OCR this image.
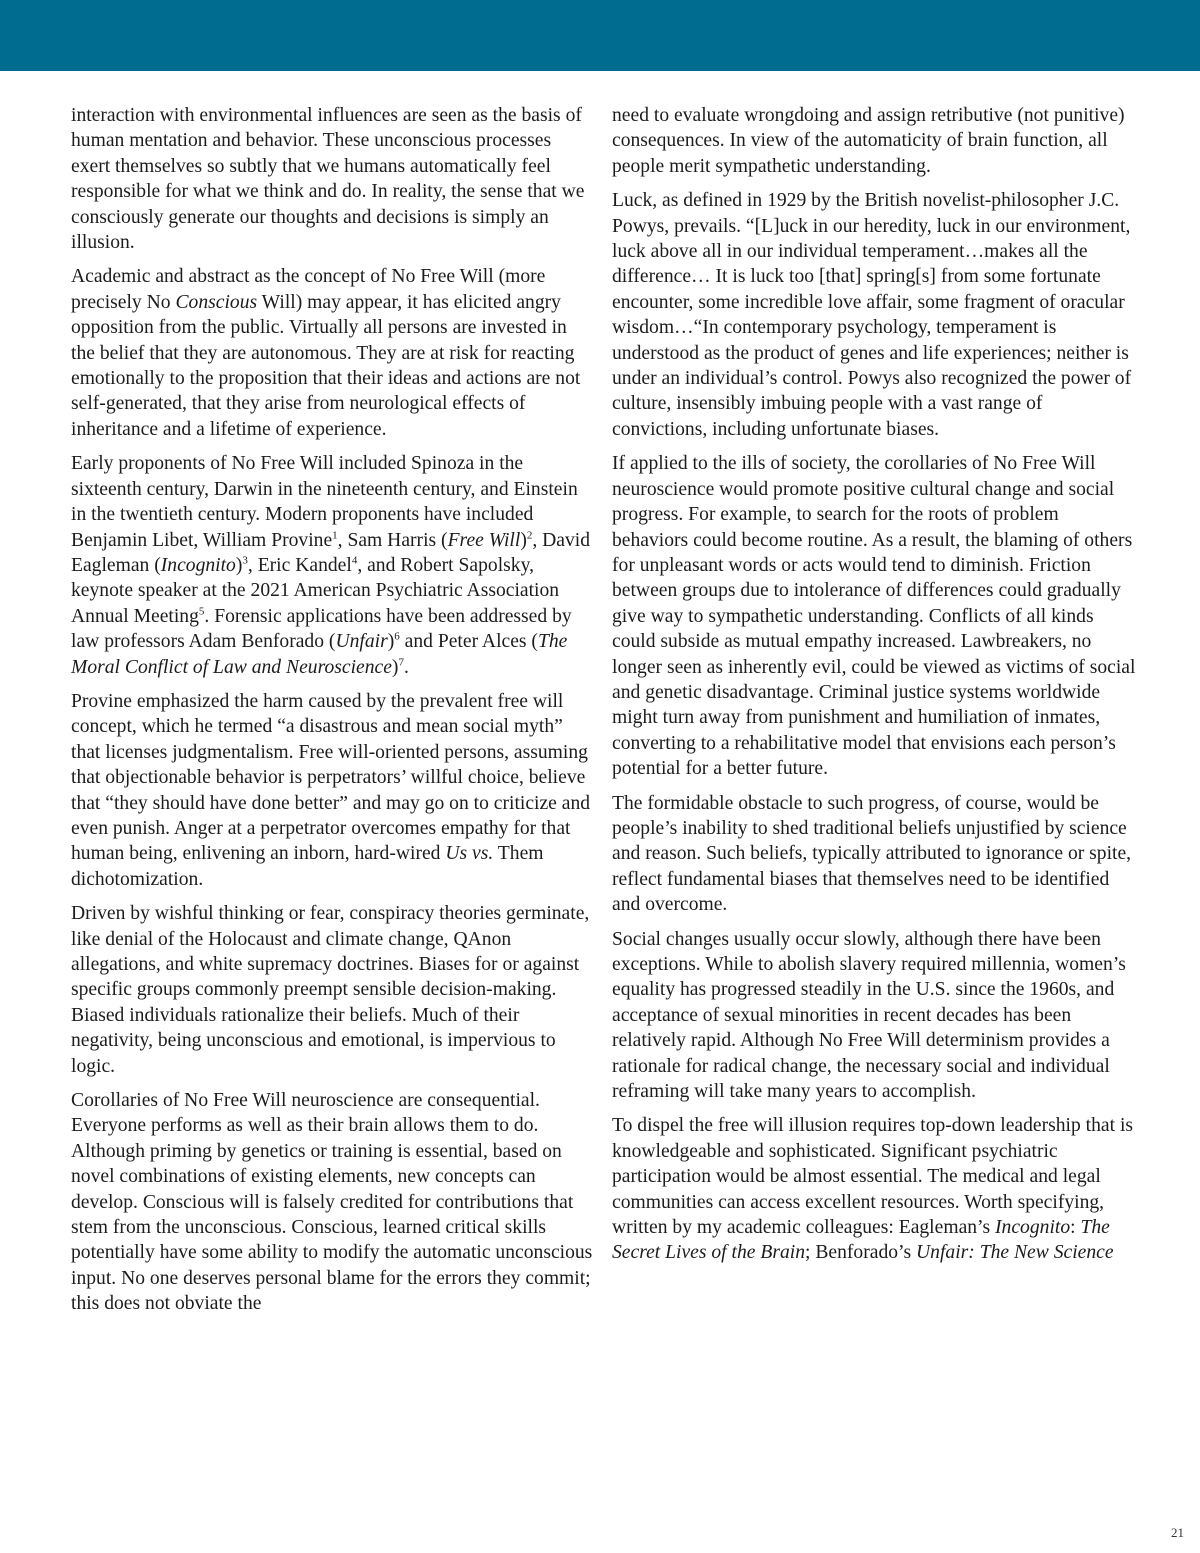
interaction with environmental influences are seen as the basis of human mentation and behavior. These unconscious processes exert themselves so subtly that we humans automatically feel responsible for what we think and do. In reality, the sense that we consciously generate our thoughts and decisions is simply an illusion.

Academic and abstract as the concept of No Free Will (more precisely No Conscious Will) may appear, it has elicited angry opposition from the public. Virtually all persons are invested in the belief that they are autonomous. They are at risk for reacting emotionally to the proposition that their ideas and actions are not self-generated, that they arise from neurological effects of inheritance and a lifetime of experience.

Early proponents of No Free Will included Spinoza in the sixteenth century, Darwin in the nineteenth century, and Einstein in the twentieth century. Modern proponents have included Benjamin Libet, William Provine$^1$, Sam Harris (Free Will)$^2$, David Eagleman (Incognito)$^3$, Eric Kandel$^4$, and Robert Sapolsky, keynote speaker at the 2021 American Psychiatric Association Annual Meeting$^5$. Forensic applications have been addressed by law professors Adam Benforado (Unfair)$^6$ and Peter Alces (The Moral Conflict of Law and Neuroscience)$^7$.

Provine emphasized the harm caused by the prevalent free will concept, which he termed “a disastrous and mean social myth” that licenses judgmentalism. Free will-oriented persons, assuming that objectionable behavior is perpetrators’ willful choice, believe that “they should have done better” and may go on to criticize and even punish. Anger at a perpetrator overcomes empathy for that human being, enlivening an inborn, hard-wired Us vs. Them dichotomization.

Driven by wishful thinking or fear, conspiracy theories germinate, like denial of the Holocaust and climate change, QAnon allegations, and white supremacy doctrines. Biases for or against specific groups commonly preempt sensible decision-making. Biased individuals rationalize their beliefs. Much of their negativity, being unconscious and emotional, is impervious to logic.

Corollaries of No Free Will neuroscience are consequential. Everyone performs as well as their brain allows them to do. Although priming by genetics or training is essential, based on novel combinations of existing elements, new concepts can develop. Conscious will is falsely credited for contributions that stem from the unconscious. Conscious, learned critical skills potentially have some ability to modify the automatic unconscious input. No one deserves personal blame for the errors they commit; this does not obviate the

need to evaluate wrongdoing and assign retributive (not punitive) consequences. In view of the automaticity of brain function, all people merit sympathetic understanding.

Luck, as defined in 1929 by the British novelist-philosopher J.C. Powys, prevails. “[L]uck in our heredity, luck in our environment, luck above all in our individual temperament…makes all the difference… It is luck too [that] spring[s] from some fortunate encounter, some incredible love affair, some fragment of oracular wisdom…“In contemporary psychology, temperament is understood as the product of genes and life experiences; neither is under an individual’s control. Powys also recognized the power of culture, insensibly imbuing people with a vast range of convictions, including unfortunate biases.

If applied to the ills of society, the corollaries of No Free Will neuroscience would promote positive cultural change and social progress. For example, to search for the roots of problem behaviors could become routine. As a result, the blaming of others for unpleasant words or acts would tend to diminish. Friction between groups due to intolerance of differences could gradually give way to sympathetic understanding. Conflicts of all kinds could subside as mutual empathy increased. Lawbreakers, no longer seen as inherently evil, could be viewed as victims of social and genetic disadvantage. Criminal justice systems worldwide might turn away from punishment and humiliation of inmates, converting to a rehabilitative model that envisions each person’s potential for a better future.

The formidable obstacle to such progress, of course, would be people’s inability to shed traditional beliefs unjustified by science and reason. Such beliefs, typically attributed to ignorance or spite, reflect fundamental biases that themselves need to be identified and overcome.

Social changes usually occur slowly, although there have been exceptions. While to abolish slavery required millennia, women’s equality has progressed steadily in the U.S. since the 1960s, and acceptance of sexual minorities in recent decades has been relatively rapid. Although No Free Will determinism provides a rationale for radical change, the necessary social and individual reframing will take many years to accomplish.

To dispel the free will illusion requires top-down leadership that is knowledgeable and sophisticated. Significant psychiatric participation would be almost essential. The medical and legal communities can access excellent resources. Worth specifying, written by my academic colleagues: Eagleman’s Incognito: The Secret Lives of the Brain; Benforado’s Unfair: The New Science

21
